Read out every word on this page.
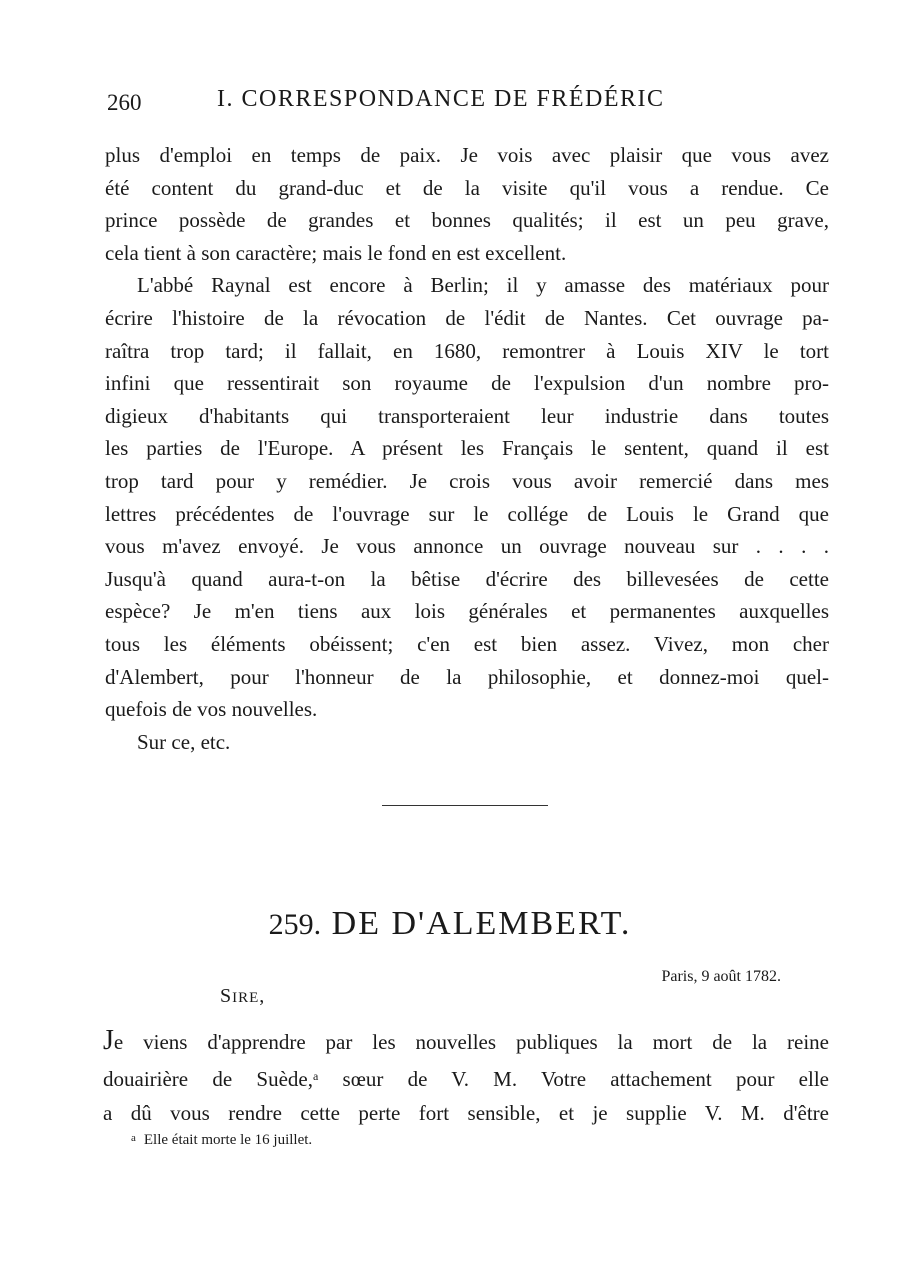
260	I. CORRESPONDANCE DE FRÉDÉRIC
plus d'emploi en temps de paix. Je vois avec plaisir que vous avez
été content du grand-duc et de la visite qu'il vous a rendue. Ce
prince possède de grandes et bonnes qualités; il est un peu grave,
cela tient à son caractère; mais le fond en est excellent.
L'abbé Raynal est encore à Berlin; il y amasse des matériaux pour
écrire l'histoire de la révocation de l'édit de Nantes. Cet ouvrage pa-
raîtra trop tard; il fallait, en 1680, remontrer à Louis XIV le tort
infini que ressentirait son royaume de l'expulsion d'un nombre pro-
digieux d'habitants qui transporteraient leur industrie dans toutes
les parties de l'Europe. A présent les Français le sentent, quand il est
trop tard pour y remédier. Je crois vous avoir remercié dans mes
lettres précédentes de l'ouvrage sur le collége de Louis le Grand que
vous m'avez envoyé. Je vous annonce un ouvrage nouveau sur . . . .
Jusqu'à quand aura-t-on la bêtise d'écrire des billevesées de cette
espèce? Je m'en tiens aux lois générales et permanentes auxquelles
tous les éléments obéissent; c'en est bien assez. Vivez, mon cher
d'Alembert, pour l'honneur de la philosophie, et donnez-moi quel-
quefois de vos nouvelles.
Sur ce, etc.
259. DE D'ALEMBERT.
Paris, 9 août 1782.
SIRE,
Je viens d'apprendre par les nouvelles publiques la mort de la reine
douairière de Suède,$^a$ sœur de V. M. Votre attachement pour elle
a dû vous rendre cette perte fort sensible, et je supplie V. M. d'être
$^a$ Elle était morte le 16 juillet.
